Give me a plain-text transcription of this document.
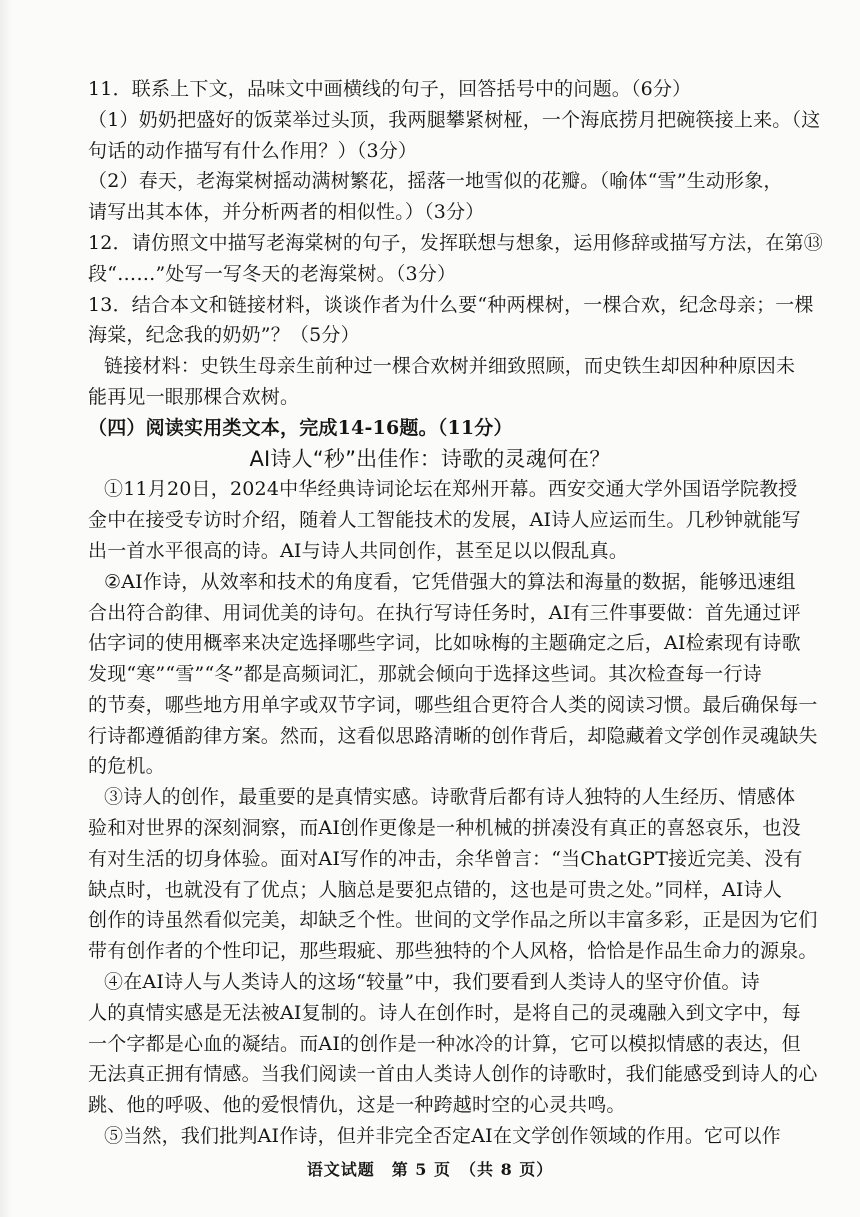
11．联系上下文，品味文中画横线的句子，回答括号中的问题。（6分）
（1）奶奶把盛好的饭菜举过头顶，我两腿攀紧树桠，一个海底捞月把碗筷接上来。（这
句话的动作描写有什么作用？）（3分）
（2）春天，老海棠树摇动满树繁花，摇落一地雪似的花瓣。（喻体“雪”生动形象，
请写出其本体，并分析两者的相似性。）（3分）
12．请仿照文中描写老海棠树的句子，发挥联想与想象，运用修辞或描写方法，在第⑬
段“……”处写一写冬天的老海棠树。（3分）
13．结合本文和链接材料，谈谈作者为什么要“种两棵树，一棵合欢，纪念母亲；一棵
海棠，纪念我的奶奶”？（5分）
链接材料：史铁生母亲生前种过一棵合欢树并细致照顾，而史铁生却因种种原因未
能再见一眼那棵合欢树。
（四）阅读实用类文本，完成14-16题。（11分）
AI诗人“秒”出佳作：诗歌的灵魂何在？
①11月20日，2024中华经典诗词论坛在郑州开幕。西安交通大学外国语学院教授
金中在接受专访时介绍，随着人工智能技术的发展，AI诗人应运而生。几秒钟就能写
出一首水平很高的诗。AI与诗人共同创作，甚至足以以假乱真。
②AI作诗，从效率和技术的角度看，它凭借强大的算法和海量的数据，能够迅速组
合出符合韵律、用词优美的诗句。在执行写诗任务时，AI有三件事要做：首先通过评
估字词的使用概率来决定选择哪些字词，比如咏梅的主题确定之后，AI检索现有诗歌
发现“寒”“雪”“冬”都是高频词汇，那就会倾向于选择这些词。其次检查每一行诗
的节奏，哪些地方用单字或双节字词，哪些组合更符合人类的阅读习惯。最后确保每一
行诗都遵循韵律方案。然而，这看似思路清晰的创作背后，却隐藏着文学创作灵魂缺失
的危机。
③诗人的创作，最重要的是真情实感。诗歌背后都有诗人独特的人生经历、情感体
验和对世界的深刻洞察，而AI创作更像是一种机械的拼凑没有真正的喜怒哀乐，也没
有对生活的切身体验。面对AI写作的冲击，余华曾言：“当ChatGPT接近完美、没有
缺点时，也就没有了优点；人脑总是要犯点错的，这也是可贵之处。”同样，AI诗人
创作的诗虽然看似完美，却缺乏个性。世间的文学作品之所以丰富多彩，正是因为它们
带有创作者的个性印记，那些瑕疵、那些独特的个人风格，恰恰是作品生命力的源泉。
④在AI诗人与人类诗人的这场“较量”中，我们要看到人类诗人的坚守价值。诗
人的真情实感是无法被AI复制的。诗人在创作时，是将自己的灵魂融入到文字中，每
一个字都是心血的凝结。而AI的创作是一种冰冷的计算，它可以模拟情感的表达，但
无法真正拥有情感。当我们阅读一首由人类诗人创作的诗歌时，我们能感受到诗人的心
跳、他的呼吸、他的爱恨情仇，这是一种跨越时空的心灵共鸣。
⑤当然，我们批判AI作诗，但并非完全否定AI在文学创作领域的作用。它可以作
语文试题　第 5 页　（共 8 页）
